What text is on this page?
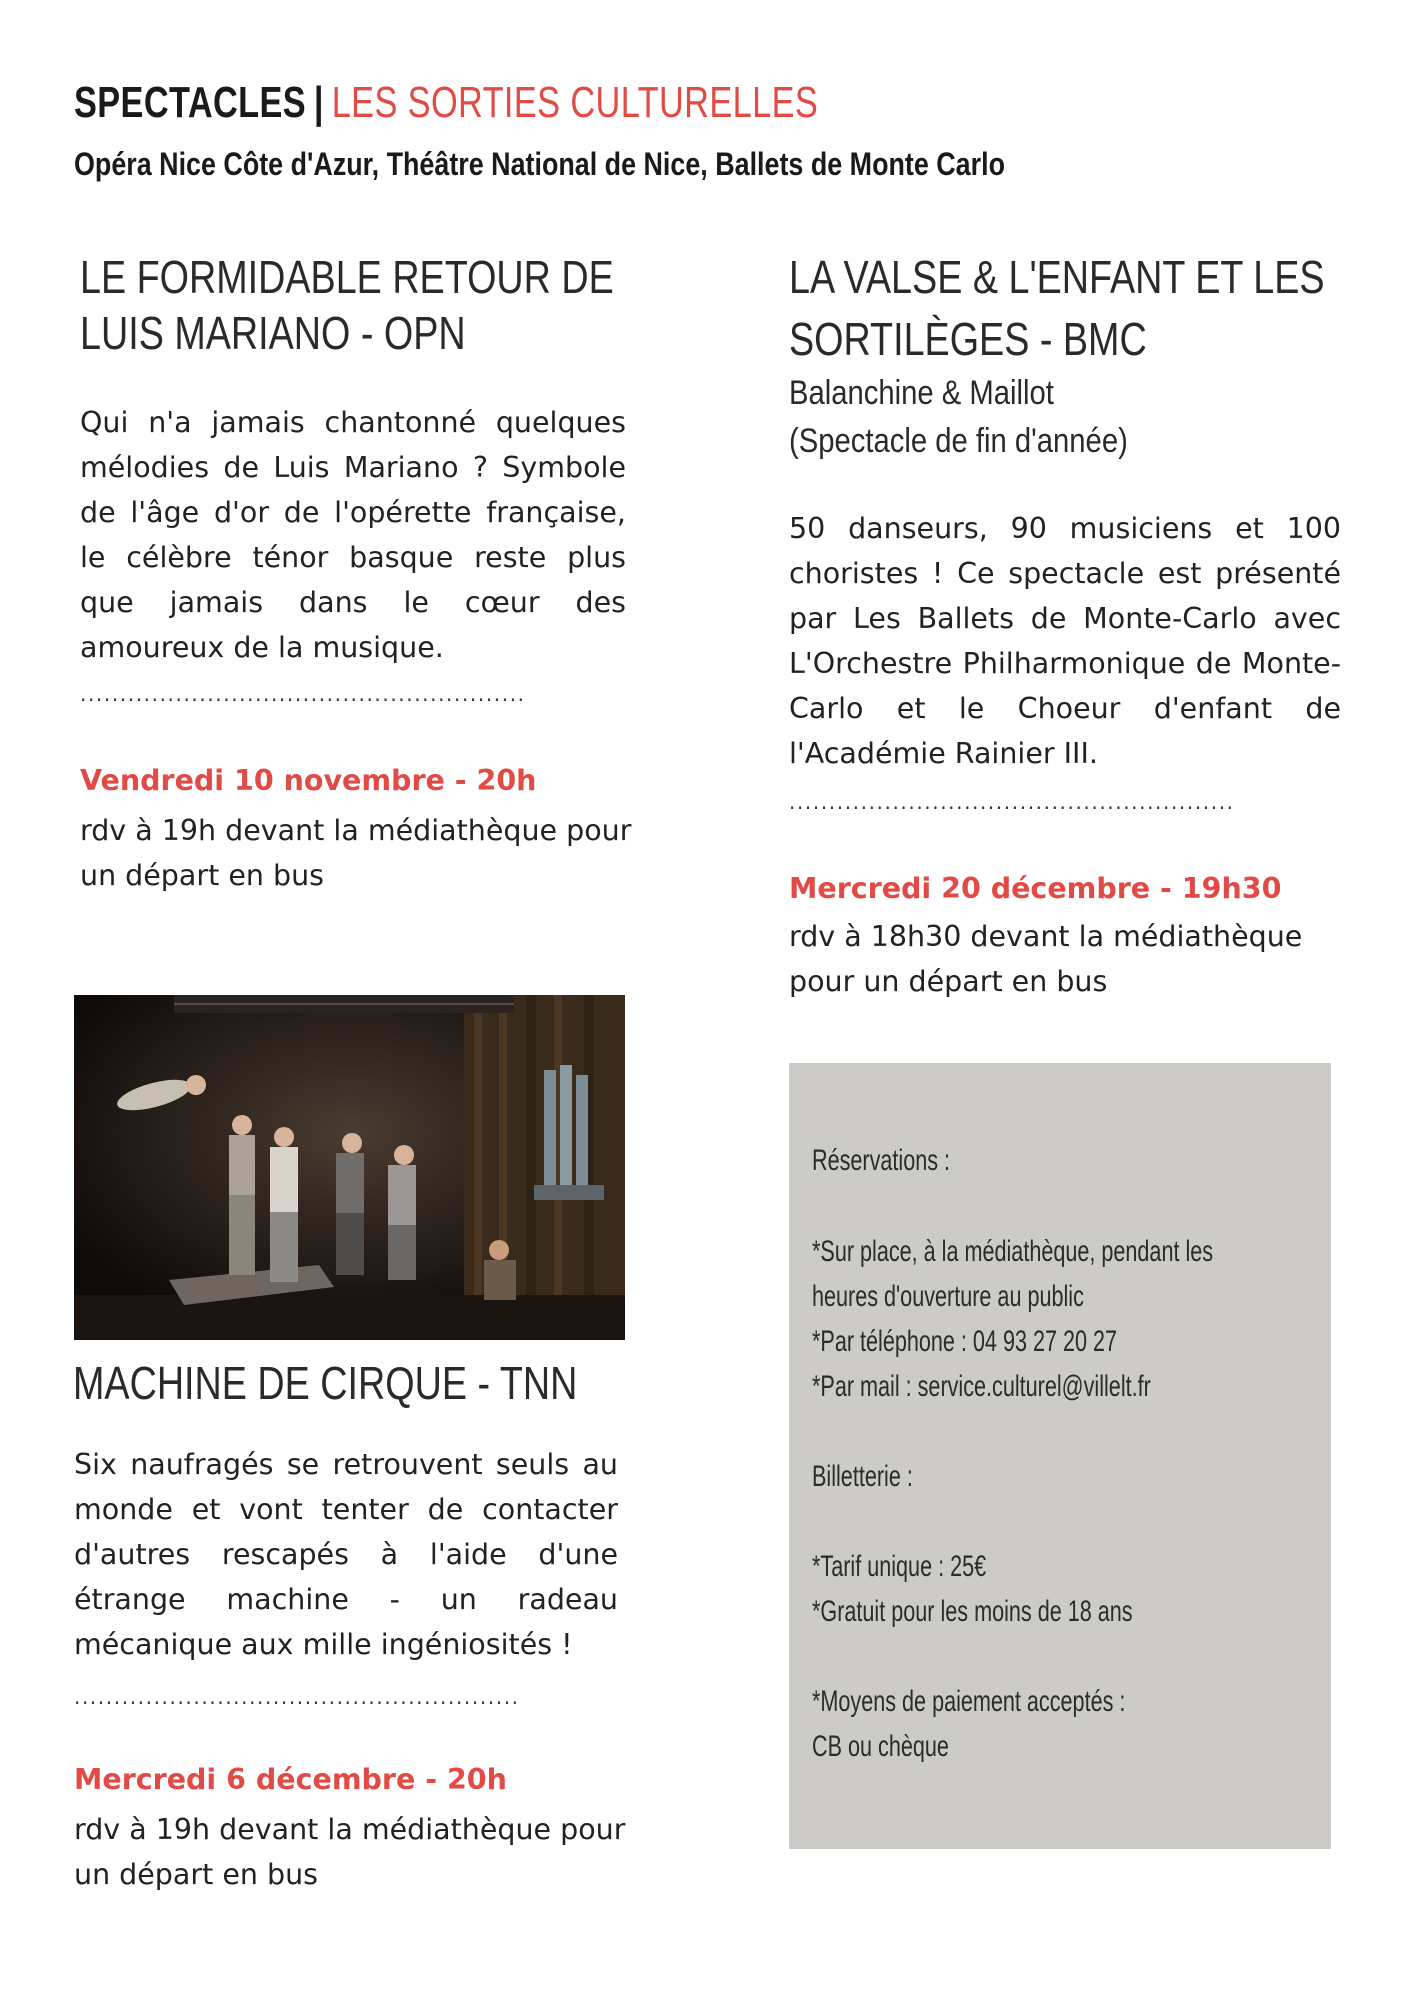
SPECTACLES | LES SORTIES CULTURELLES
Opéra Nice Côte d'Azur, Théâtre National de Nice, Ballets de Monte Carlo
LE FORMIDABLE RETOUR DE
LUIS MARIANO - OPN
Qui n'a jamais chantonné quelques mélodies de Luis Mariano ? Symbole de l'âge d'or de l'opérette française, le célèbre ténor basque reste plus que jamais dans le cœur des amoureux de la musique.
........................................................
Vendredi 10 novembre - 20h
rdv à 19h devant la médiathèque pour un départ en bus
MACHINE DE CIRQUE - TNN
Six naufragés se retrouvent seuls au monde et vont tenter de contacter d'autres rescapés à l'aide d'une étrange machine - un radeau mécanique aux mille ingéniosités !
........................................................
Mercredi 6 décembre - 20h
rdv à 19h devant la médiathèque pour un départ en bus
LA VALSE & L'ENFANT ET LES
SORTILÈGES - BMC
Balanchine & Maillot
(Spectacle de fin d'année)
50 danseurs, 90 musiciens et 100 choristes ! Ce spectacle est présenté par Les Ballets de Monte-Carlo avec L'Orchestre Philharmonique de Monte-Carlo et le Choeur d'enfant de l'Académie Rainier III.
........................................................
Mercredi 20 décembre - 19h30
rdv à 18h30 devant la médiathèque pour un départ en bus
Réservations :
*Sur place, à la médiathèque, pendant les
heures d'ouverture au public
*Par téléphone : 04 93 27 20 27
*Par mail : service.culturel@villelt.fr
Billetterie :
*Tarif unique : 25€
*Gratuit pour les moins de 18 ans
*Moyens de paiement acceptés :
CB ou chèque
